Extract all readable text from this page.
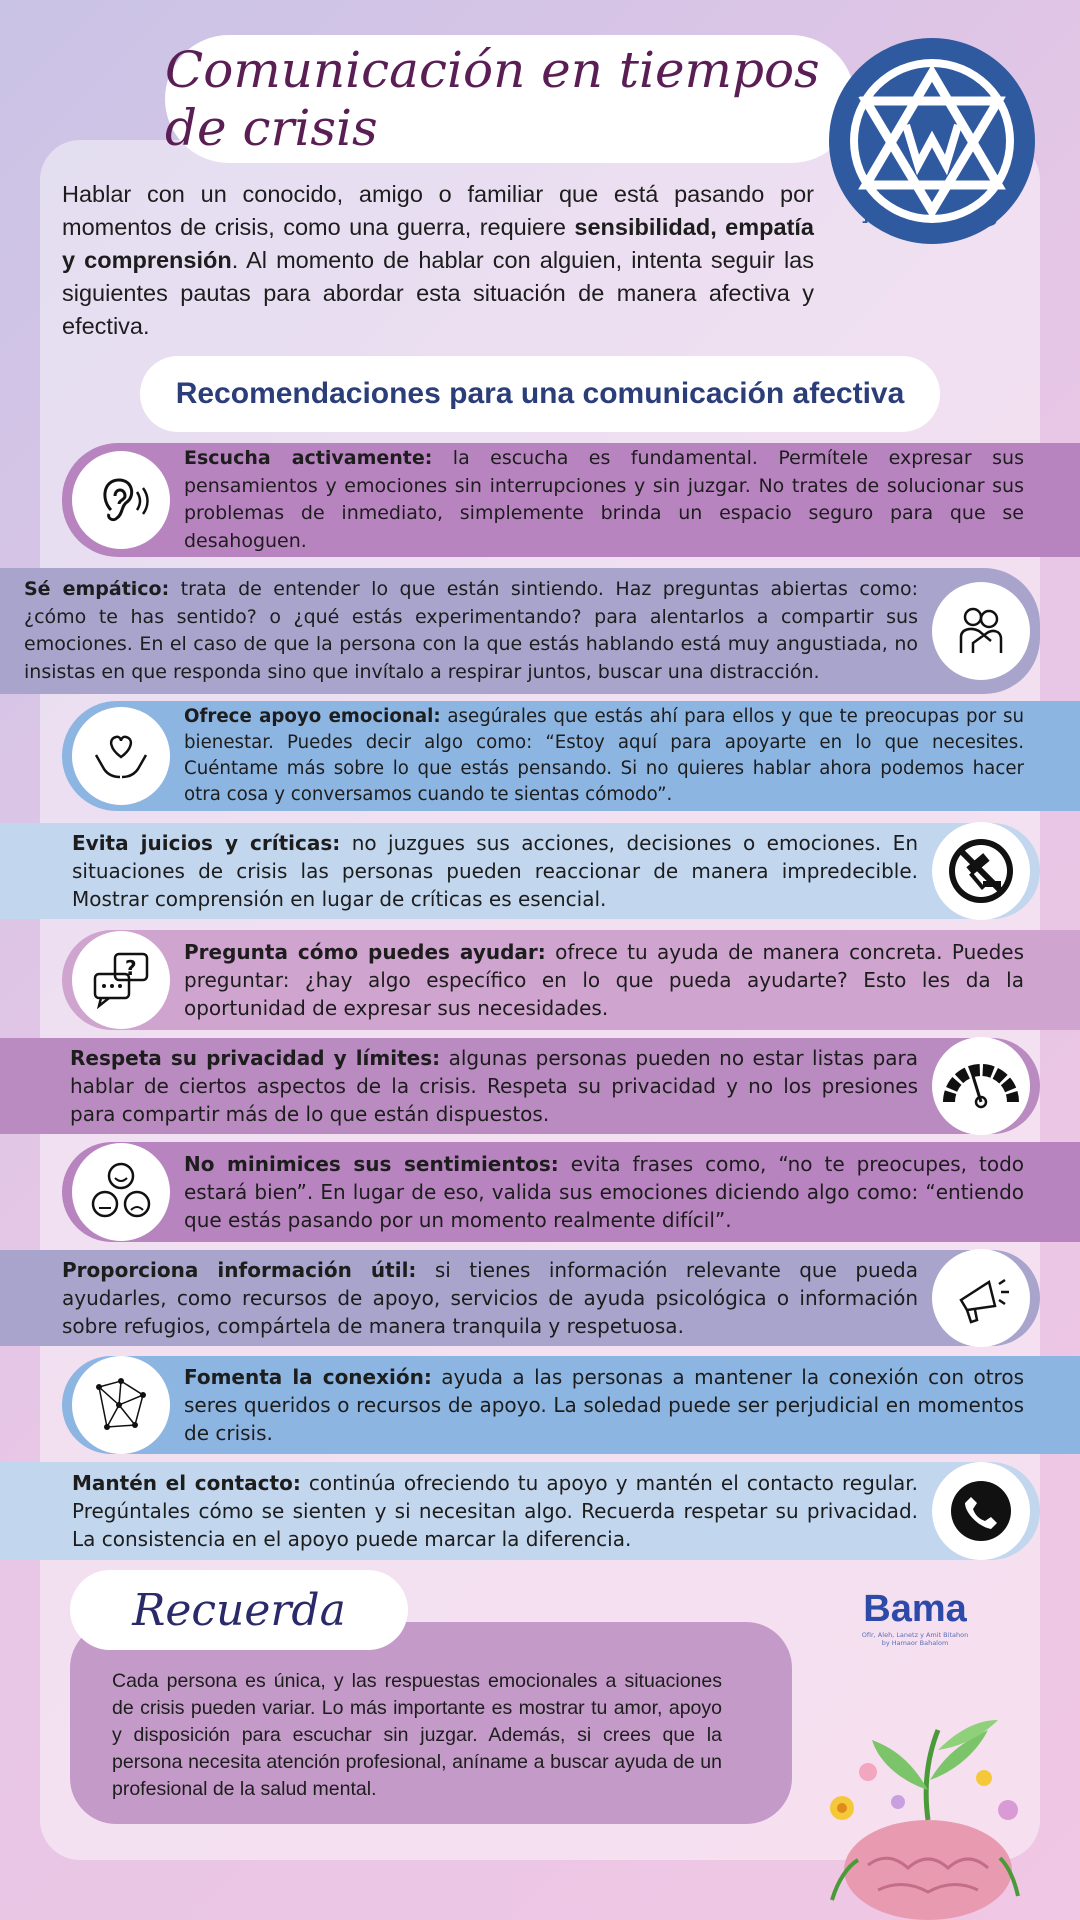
Comunicación en tiempos de crisis
ר
כ	ל
ה
א
ע
ב
נ
ה
Hablar con un conocido, amigo o familiar que está pasando por momentos de crisis, como una guerra, requiere sensibilidad, empatía y comprensión. Al momento de hablar con alguien, intenta seguir las siguientes pautas para abordar esta situación de manera afectiva y efectiva.
Recomendaciones para una comunicación afectiva
Escucha activamente: la escucha es fundamental. Permítele expresar sus pensamientos y emociones sin interrupciones y sin juzgar. No trates de solucionar sus problemas de inmediato, simplemente brinda un espacio seguro para que se desahoguen.
Sé empático: trata de entender lo que están sintiendo. Haz preguntas abiertas como: ¿cómo te has sentido? o ¿qué estás experimentando? para alentarlos a compartir sus emociones. En el caso de que la persona con la que estás hablando está muy angustiada, no insistas en que responda sino que invítalo a respirar juntos, buscar una distracción.
Ofrece apoyo emocional: asegúrales que estás ahí para ellos y que te preocupas por su bienestar. Puedes decir algo como: “Estoy aquí para apoyarte en lo que necesites. Cuéntame más sobre lo que estás pensando. Si no quieres hablar ahora podemos hacer otra cosa y conversamos cuando te sientas cómodo”.
Evita juicios y críticas: no juzgues sus acciones, decisiones o emociones. En situaciones de crisis las personas pueden reaccionar de manera impredecible. Mostrar comprensión en lugar de críticas es esencial.
?
Pregunta cómo puedes ayudar: ofrece tu ayuda de manera concreta. Puedes preguntar: ¿hay algo específico en lo que pueda ayudarte? Esto les da la oportunidad de expresar sus necesidades.
Respeta su privacidad y límites: algunas personas pueden no estar listas para hablar de ciertos aspectos de la crisis. Respeta su privacidad y no los presiones para compartir más de lo que están dispuestos.
No minimices sus sentimientos: evita frases como, “no te preocupes, todo estará bien”. En lugar de eso, valida sus emociones diciendo algo como: “entiendo que estás pasando por un momento realmente difícil”.
Proporciona información útil: si tienes información relevante que pueda ayudarles, como recursos de apoyo, servicios de ayuda psicológica o información sobre refugios, compártela de manera tranquila y respetuosa.
Fomenta la conexión: ayuda a las personas a mantener la conexión con otros seres queridos o recursos de apoyo. La soledad puede ser perjudicial en momentos de crisis.
Mantén el contacto: continúa ofreciendo tu apoyo y mantén el contacto regular. Pregúntales cómo se sienten y si necesitan algo. Recuerda respetar su privacidad. La consistencia en el apoyo puede marcar la diferencia.
Cada persona es única, y las respuestas emocionales a situaciones de crisis pueden variar. Lo más importante es mostrar tu amor, apoyo y disposición para escuchar sin juzgar. Además, si crees que la persona necesita atención profesional, aníname a buscar ayuda de un profesional de la salud mental.
Recuerda	Bama
Ofir, Aleh, Lanetz y Amit Bitahon
by Hamaor Bahalom
